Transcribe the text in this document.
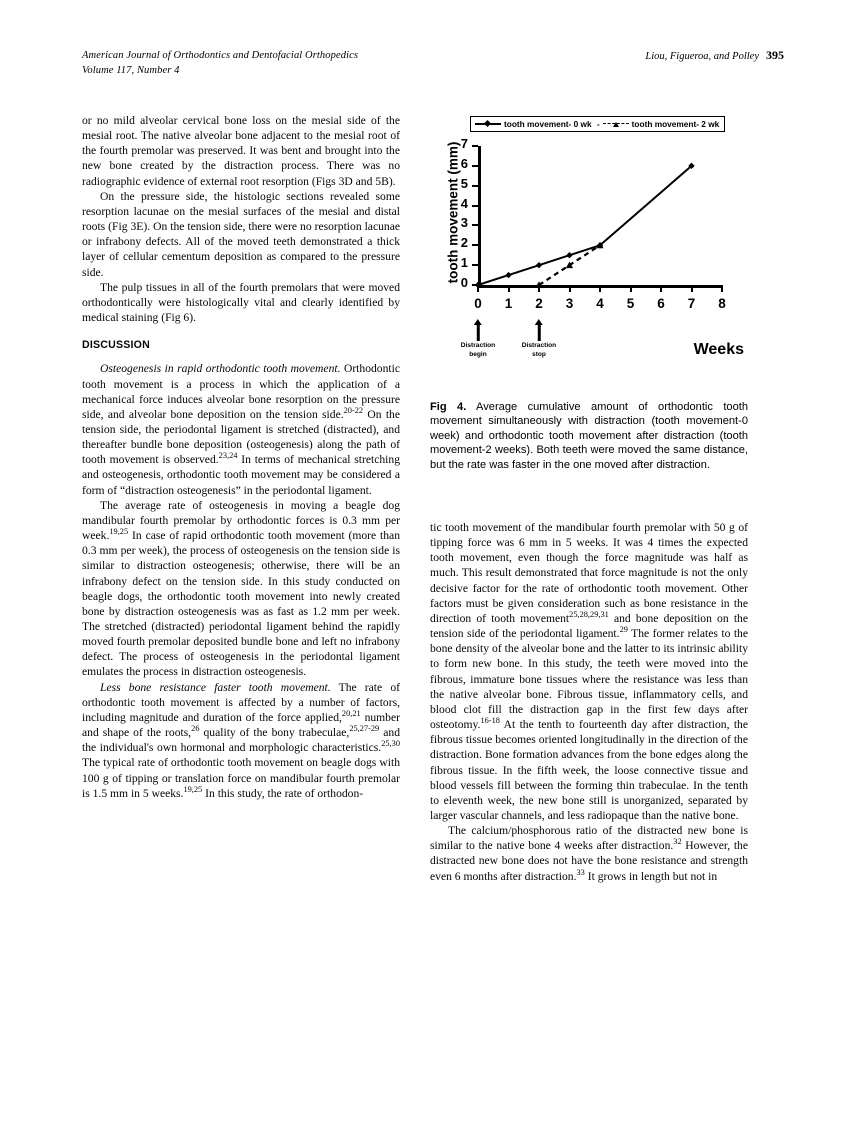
American Journal of Orthodontics and Dentofacial Orthopedics
Volume 117, Number 4
Liou, Figueroa, and Polley 395

or no mild alveolar cervical bone loss on the mesial side of the mesial root. The native alveolar bone adjacent to the mesial root of the fourth premolar was preserved. It was bent and brought into the new bone created by the distraction process. There was no radiographic evidence of external root resorption (Figs 3D and 5B).

On the pressure side, the histologic sections revealed some resorption lacunae on the mesial surfaces of the mesial and distal roots (Fig 3E). On the tension side, there were no resorption lacunae or infrabony defects. All of the moved teeth demonstrated a thick layer of cellular cementum deposition as compared to the pressure side.

The pulp tissues in all of the fourth premolars that were moved orthodontically were histologically vital and clearly identified by medical staining (Fig 6).

DISCUSSION

Osteogenesis in rapid orthodontic tooth movement. Orthodontic tooth movement is a process in which the application of a mechanical force induces alveolar bone resorption on the pressure side, and alveolar bone deposition on the tension side.$^{20-22}$ On the tension side, the periodontal ligament is stretched (distracted), and thereafter bundle bone deposition (osteogenesis) along the path of tooth movement is observed.$^{23,24}$ In terms of mechanical stretching and osteogenesis, orthodontic tooth movement may be considered a form of “distraction osteogenesis” in the periodontal ligament.

The average rate of osteogenesis in moving a beagle dog mandibular fourth premolar by orthodontic forces is 0.3 mm per week.$^{19,25}$ In case of rapid orthodontic tooth movement (more than 0.3 mm per week), the process of osteogenesis on the tension side is similar to distraction osteogenesis; otherwise, there will be an infrabony defect on the tension side. In this study conducted on beagle dogs, the orthodontic tooth movement into newly created bone by distraction osteogenesis was as fast as 1.2 mm per week. The stretched (distracted) periodontal ligament behind the rapidly moved fourth premolar deposited bundle bone and left no infrabony defect. The process of osteogenesis in the periodontal ligament emulates the process in distraction osteogenesis.

Less bone resistance faster tooth movement. The rate of orthodontic tooth movement is affected by a number of factors, including magnitude and duration of the force applied,$^{20,21}$ number and shape of the roots,$^{26}$ quality of the bony trabeculae,$^{25,27-29}$ and the individual's own hormonal and morphologic characteristics.$^{25,30}$ The typical rate of orthodontic tooth movement on beagle dogs with 100 g of tipping or translation force on mandibular fourth premolar is 1.5 mm in 5 weeks.$^{19,25}$ In this study, the rate of orthodon-

tooth movement- 0 wk -	tooth movement- 2 wk
tooth movement (mm) 0
1
2
3
4
5
6
7
0 1 2 3 4 5 6 7 8
Distraction
begin
Distraction
stop	Weeks
Fig 4. Average cumulative amount of orthodontic tooth movement simultaneously with distraction (tooth movement-0 week) and orthodontic tooth movement after distraction (tooth movement-2 weeks). Both teeth were moved the same distance, but the rate was faster in the one moved after distraction.

tic tooth movement of the mandibular fourth premolar with 50 g of tipping force was 6 mm in 5 weeks. It was 4 times the expected tooth movement, even though the force magnitude was half as much. This result demonstrated that force magnitude is not the only decisive factor for the rate of orthodontic tooth movement. Other factors must be given consideration such as bone resistance in the direction of tooth movement$^{25,28,29,31}$ and bone deposition on the tension side of the periodontal ligament.$^{29}$ The former relates to the bone density of the alveolar bone and the latter to its intrinsic ability to form new bone. In this study, the teeth were moved into the fibrous, immature bone tissues where the resistance was less than the native alveolar bone. Fibrous tissue, inflammatory cells, and blood clot fill the distraction gap in the first few days after osteotomy.$^{16-18}$ At the tenth to fourteenth day after distraction, the fibrous tissue becomes oriented longitudinally in the direction of the distraction. Bone formation advances from the bone edges along the fibrous tissue. In the fifth week, the loose connective tissue and blood vessels fill between the forming thin trabeculae. In the tenth to eleventh week, the new bone still is unorganized, separated by larger vascular channels, and less radiopaque than the native bone.

The calcium/phosphorous ratio of the distracted new bone is similar to the native bone 4 weeks after distraction.$^{32}$ However, the distracted new bone does not have the bone resistance and strength even 6 months after distraction.$^{33}$ It grows in length but not in
